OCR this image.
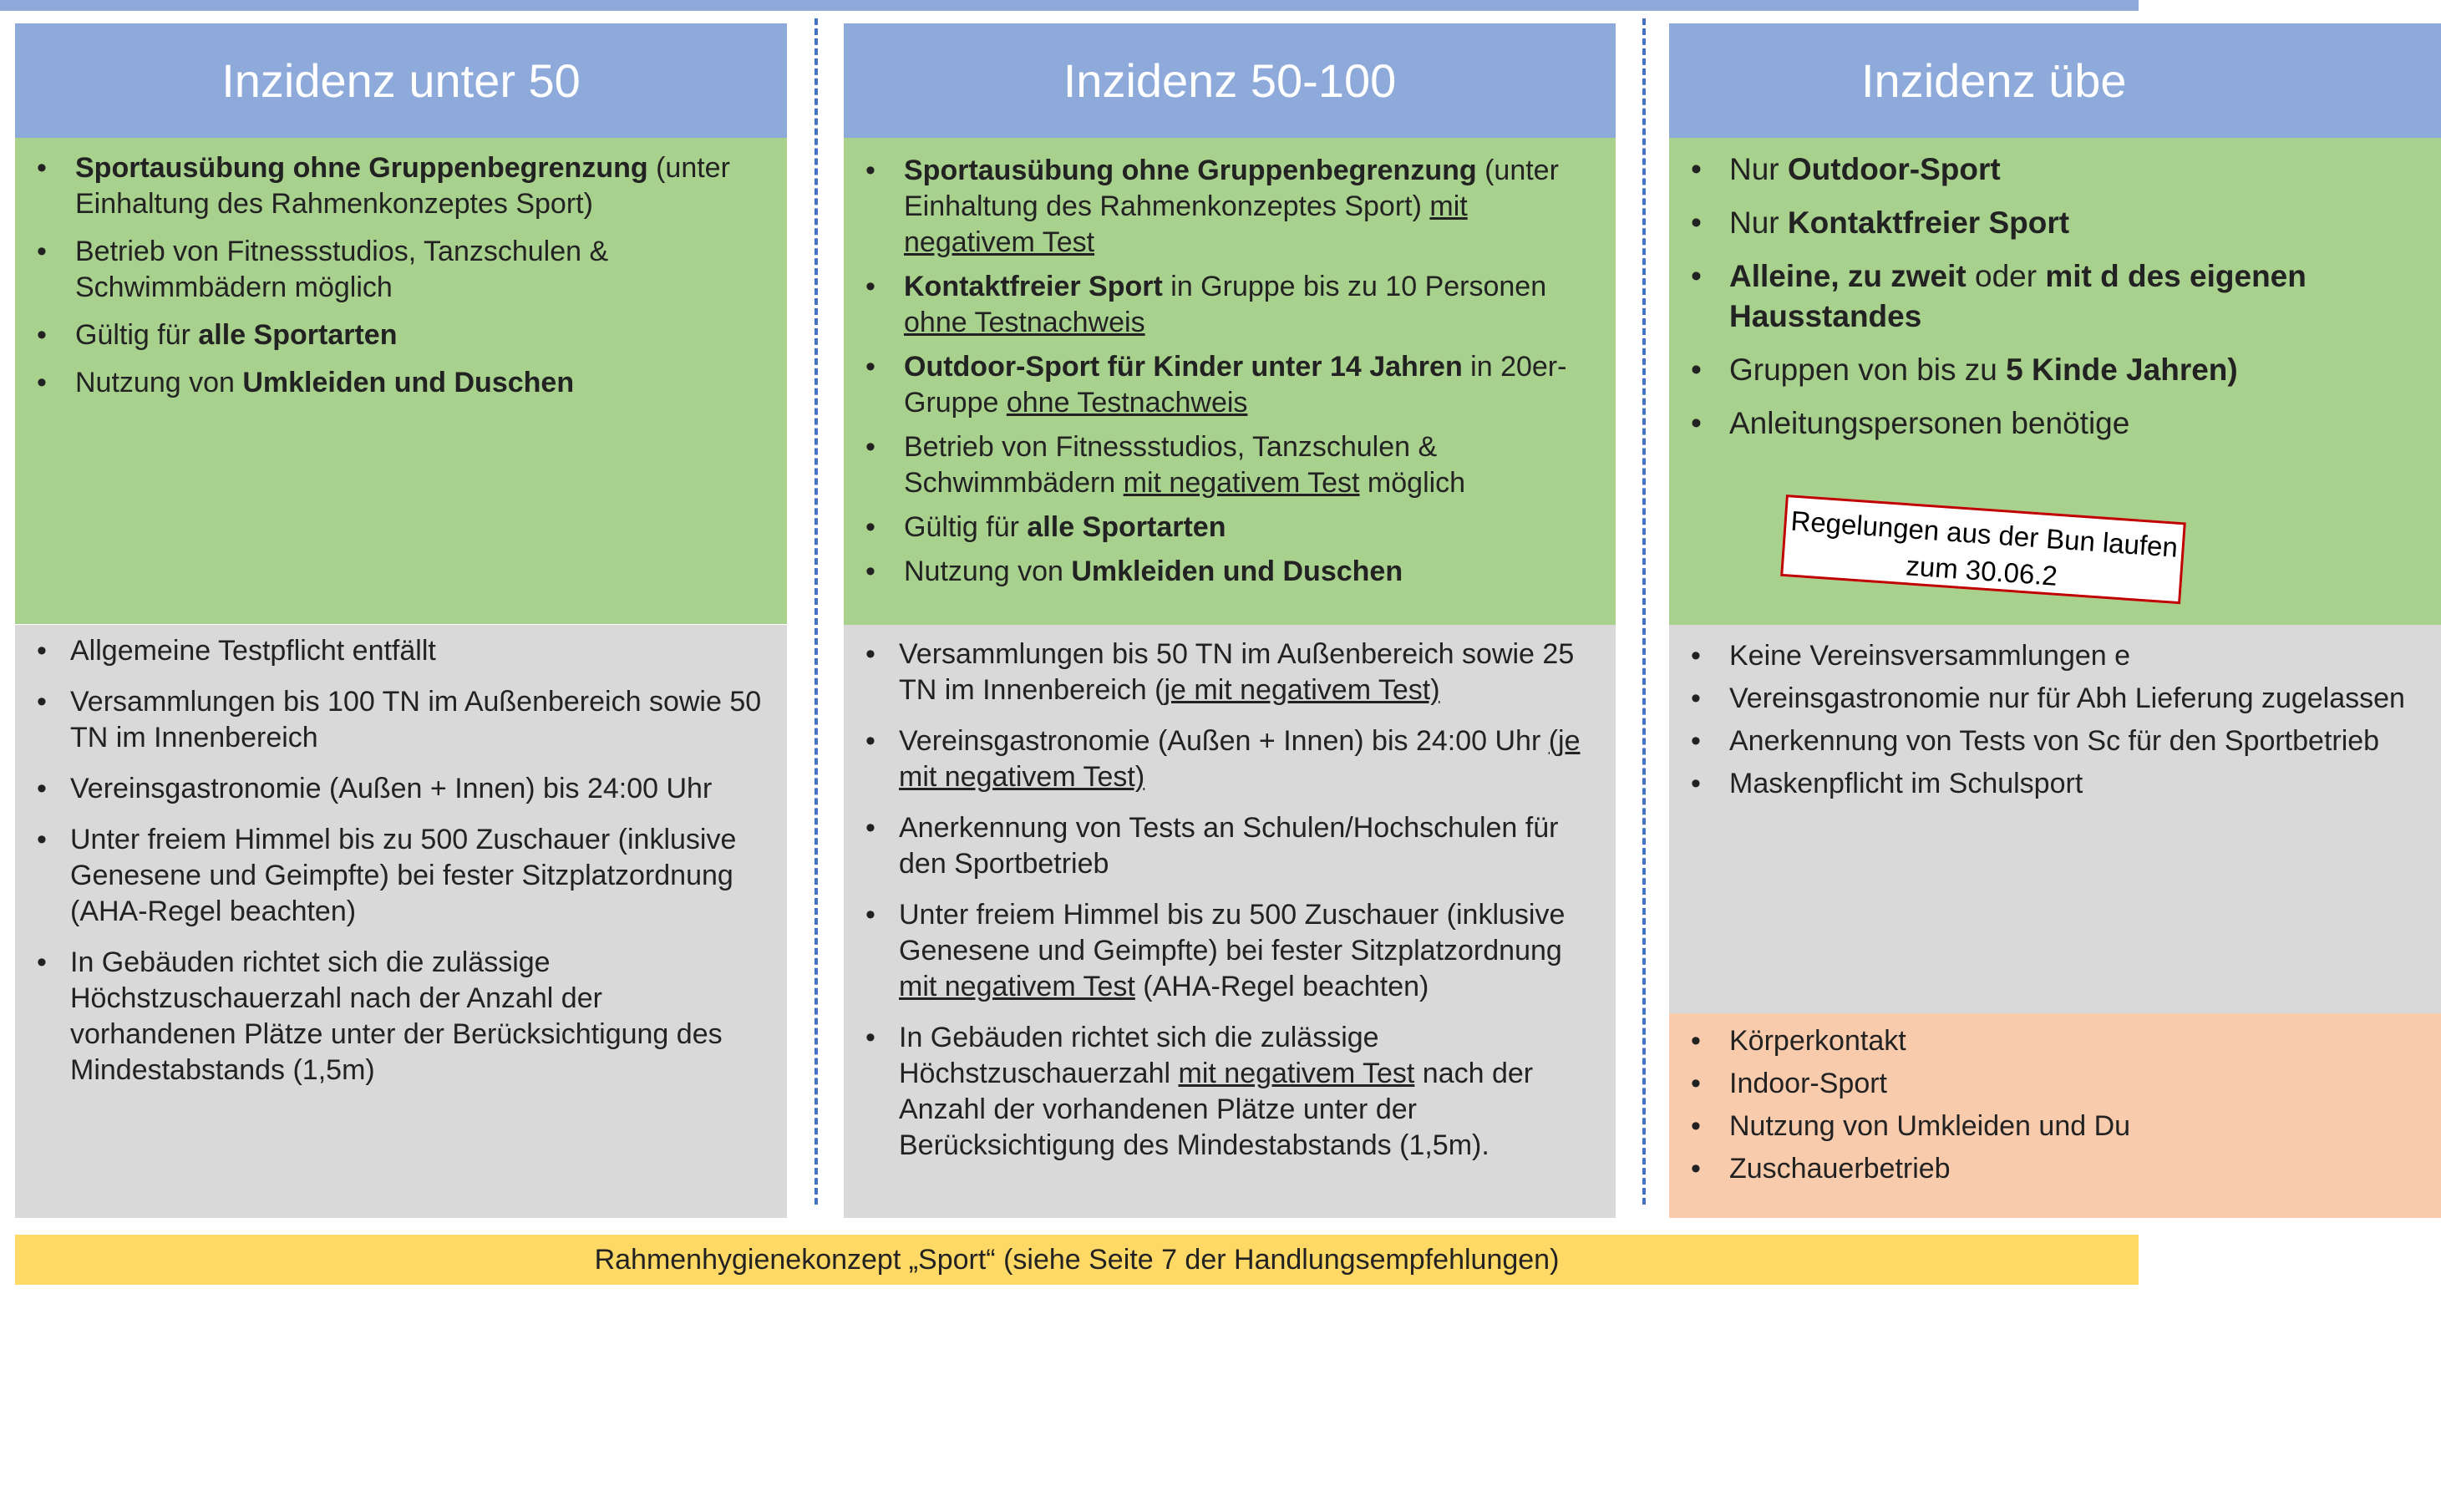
Inzidenz unter 50
• Sportausübung ohne Gruppenbegrenzung (unter Einhaltung des Rahmenkonzeptes Sport)
• Betrieb von Fitnessstudios, Tanzschulen & Schwimmbädern möglich
• Gültig für alle Sportarten
• Nutzung von Umkleiden und Duschen
• Allgemeine Testpflicht entfällt
• Versammlungen bis 100 TN im Außenbereich sowie 50 TN im Innenbereich
• Vereinsgastronomie (Außen + Innen) bis 24:00 Uhr
• Unter freiem Himmel bis zu 500 Zuschauer (inklusive Genesene und Geimpfte) bei fester Sitzplatzordnung (AHA-Regel beachten)
• In Gebäuden richtet sich die zulässige Höchstzuschauerzahl nach der Anzahl der vorhandenen Plätze unter der Berücksichtigung des Mindestabstands (1,5m)
Inzidenz 50-100
• Sportausübung ohne Gruppenbegrenzung (unter Einhaltung des Rahmenkonzeptes Sport) mit negativem Test
• Kontaktfreier Sport in Gruppe bis zu 10 Personen ohne Testnachweis
• Outdoor-Sport für Kinder unter 14 Jahren in 20er-Gruppe ohne Testnachweis
• Betrieb von Fitnessstudios, Tanzschulen & Schwimmbädern mit negativem Test möglich
• Gültig für alle Sportarten
• Nutzung von Umkleiden und Duschen
• Versammlungen bis 50 TN im Außenbereich sowie 25 TN im Innenbereich (je mit negativem Test)
• Vereinsgastronomie (Außen + Innen) bis 24:00 Uhr (je mit negativem Test)
• Anerkennung von Tests an Schulen/Hochschulen für den Sportbetrieb
• Unter freiem Himmel bis zu 500 Zuschauer (inklusive Genesene und Geimpfte) bei fester Sitzplatzordnung mit negativem Test (AHA-Regel beachten)
• In Gebäuden richtet sich die zulässige Höchstzuschauerzahl mit negativem Test nach der Anzahl der vorhandenen Plätze unter der Berücksichtigung des Mindestabstands (1,5m).
Inzidenz übe
• Nur Outdoor-Sport
• Nur Kontaktfreier Sport
• Alleine, zu zweit oder mit d des eigenen Hausstandes
• Gruppen von bis zu 5 Kinde Jahren)
• Anleitungspersonen benötige
• Keine Vereinsversammlungen e
• Vereinsgastronomie nur für Abh Lieferung zugelassen
• Anerkennung von Tests von Sc für den Sportbetrieb
• Maskenpflicht im Schulsport
• Körperkontakt
• Indoor-Sport
• Nutzung von Umkleiden und Du
• Zuschauerbetrieb
Regelungen aus der Bun laufen zum 30.06.2
Rahmenhygienekonzept „Sport“ (siehe Seite 7 der Handlungsempfehlungen)
